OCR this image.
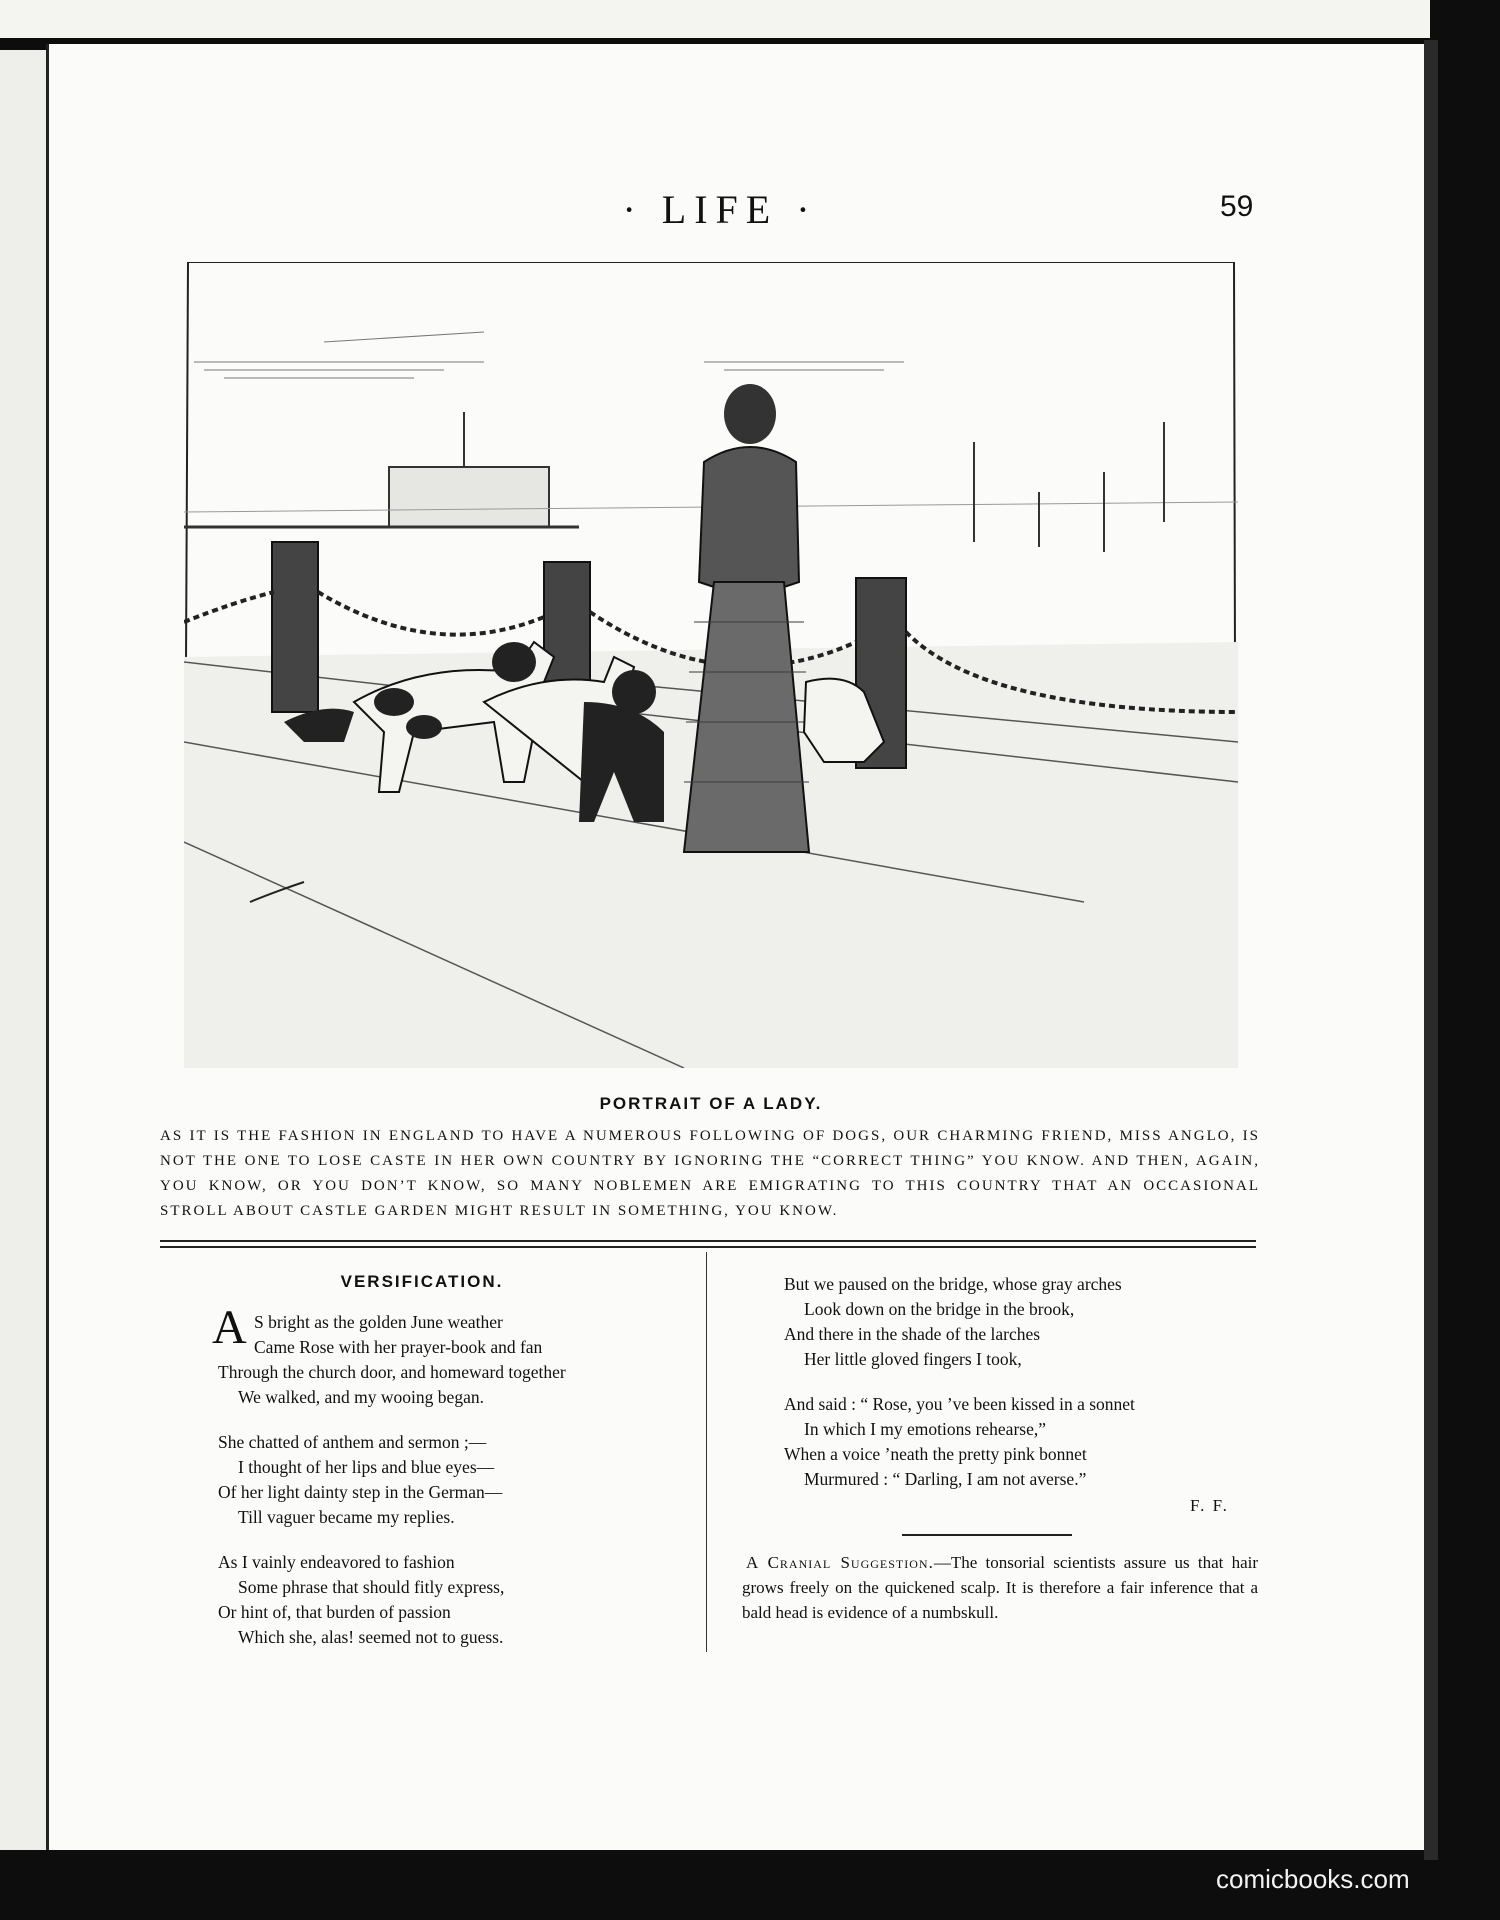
· LIFE ·	59
PORTRAIT OF A LADY.
AS IT IS THE FASHION IN ENGLAND TO HAVE A NUMEROUS FOLLOWING OF DOGS, OUR CHARMING FRIEND, MISS ANGLO, IS NOT THE ONE TO LOSE CASTE IN HER OWN COUNTRY BY IGNORING THE “CORRECT THING” YOU KNOW. AND THEN, AGAIN, YOU KNOW, OR YOU DON’T KNOW, SO MANY NOBLEMEN ARE EMIGRATING TO THIS COUNTRY THAT AN OCCASIONAL STROLL ABOUT CASTLE GARDEN MIGHT RESULT IN SOMETHING, YOU KNOW.
VERSIFICATION.
A S bright as the golden June weather
Came Rose with her prayer-book and fan
Through the church door, and homeward together
We walked, and my wooing began.
She chatted of anthem and sermon ;—
I thought of her lips and blue eyes—
Of her light dainty step in the German—
Till vaguer became my replies.
As I vainly endeavored to fashion
Some phrase that should fitly express,
Or hint of, that burden of passion
Which she, alas! seemed not to guess.
But we paused on the bridge, whose gray arches
Look down on the bridge in the brook,
And there in the shade of the larches
Her little gloved fingers I took,
And said : “ Rose, you ’ve been kissed in a sonnet
In which I my emotions rehearse,”
When a voice ’neath the pretty pink bonnet
Murmured : “ Darling, I am not averse.”
F. F.
A Cranial Suggestion.—The tonsorial scientists assure us that hair grows freely on the quickened scalp. It is therefore a fair inference that a bald head is evidence of a numbskull.
comicbooks.com
